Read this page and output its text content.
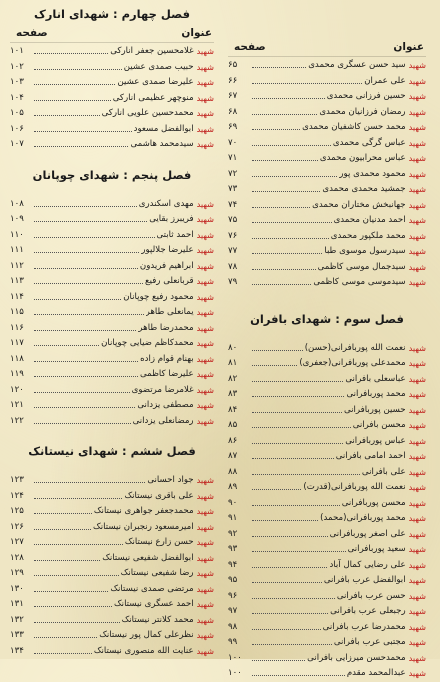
عنوان
صفحه
شهید
سید حسن عسگری محمدی
۶۵
شهید
علی عمران
۶۶
شهید
حسین فرزانی محمدی
۶۷
شهید
رمضان فرزانیان محمدی
۶۸
شهید
محمد حسن کاشفیان محمدی
۶۹
شهید
عباس گرگی محمدی
۷۰
شهید
عباس محرابیون محمدی
۷۱
شهید
محمود محمدی پور
۷۲
شهید
جمشید محمدی محمدی
۷۳
شهید
جهانبخش مختاران محمدی
۷۴
شهید
احمد مدنیان محمدی
۷۵
شهید
محمد ملکپور محمدی
۷۶
شهید
سیدرسول موسوی طبا
۷۷
شهید
سیدجمال موسی کاظمی
۷۸
شهید
سیدموسی موسی کاظمی
۷۹
فصل سوم : شهدای بافران
شهید
نعمت الله پوربافرانی(حسن)
۸۰
شهید
محمدعلی پوربافرانی(جعفری)
۸۱
شهید
عباسعلی بافرانی
۸۲
شهید
محمد پوربافرانی
۸۳
شهید
حسین پوربافرانی
۸۴
شهید
محسن بافرانی
۸۵
شهید
عباس پوربافرانی
۸۶
شهید
احمد امامی بافرانی
۸۷
شهید
علی بافرانی
۸۸
شهید
نعمت الله پوربافرانی(قدرت)
۸۹
شهید
محسن پوربافرانی
۹۰
شهید
محمد پوربافرانی(محمد)
۹۱
شهید
علی اصغر پوربافرانی
۹۲
شهید
سعید پوربافرانی
۹۳
شهید
علی رضایی کمال آباد
۹۴
شهید
ابوالفضل عرب بافرانی
۹۵
شهید
حسن عرب بافرانی
۹۶
شهید
رجبعلی عرب بافرانی
۹۷
شهید
محمدرضا عرب بافرانی
۹۸
شهید
مجتبی عرب بافرانی
۹۹
شهید
محمدحسن میرزایی بافرانی
۱۰۰
شهید
عبدالمحمد مقدم
۱۰۰
فصل چهارم : شهدای انارک
عنوان
صفحه
شهید
غلامحسین جعفر انارکی
۱۰۱
شهید
حبیب صمدی عشین
۱۰۲
شهید
علیرضا صمدی عشین
۱۰۳
شهید
منوچهر عظیمی انارکی
۱۰۴
شهید
محمدحسین علویی انارکی
۱۰۵
شهید
ابوالفضل مسعود
۱۰۶
شهید
سیدمحمد هاشمی
۱۰۷
فصل پنجم : شهدای چوپانان
شهید
مهدی اسکندری
۱۰۸
شهید
فریبرز بقایی
۱۰۹
شهید
احمد ثابتی
۱۱۰
شهید
علیرضا جلالپور
۱۱۱
شهید
ابراهیم فریدون
۱۱۲
شهید
قربانعلی رفیع
۱۱۳
شهید
محمود رفیع چوپانان
۱۱۴
شهید
یمانعلی طاهر
۱۱۵
شهید
محمدرضا طاهر
۱۱۶
شهید
محمدکاظم ضیایی چوپانان
۱۱۷
شهید
بهنام قوام زاده
۱۱۸
شهید
علیرضا کاظمی
۱۱۹
شهید
غلامرضا مرتضوی
۱۲۰
شهید
مصطفی یزدانی
۱۲۱
شهید
رمضانعلی یزدانی
۱۲۲
فصل ششم : شهدای نیستانک
شهید
جواد احسانی
۱۲۳
شهید
علی باقری نیستانک
۱۲۴
شهید
محمدجعفر جواهری نیستانک
۱۲۵
شهید
امیرمسعود رنجبران نیستانک
۱۲۶
شهید
حسن زارع نیستانک
۱۲۷
شهید
ابوالفضل شفیعی نیستانک
۱۲۸
شهید
رضا شفیعی نیستانک
۱۲۹
شهید
مرتضی صمدی نیستانک
۱۳۰
شهید
احمد عسگری نیستانک
۱۳۱
شهید
محمد کلانتر نیستانک
۱۳۲
شهید
نظرعلی کمال پور نیستانک
۱۳۳
شهید
عنایت الله منصوری نیستانک
۱۳۴
